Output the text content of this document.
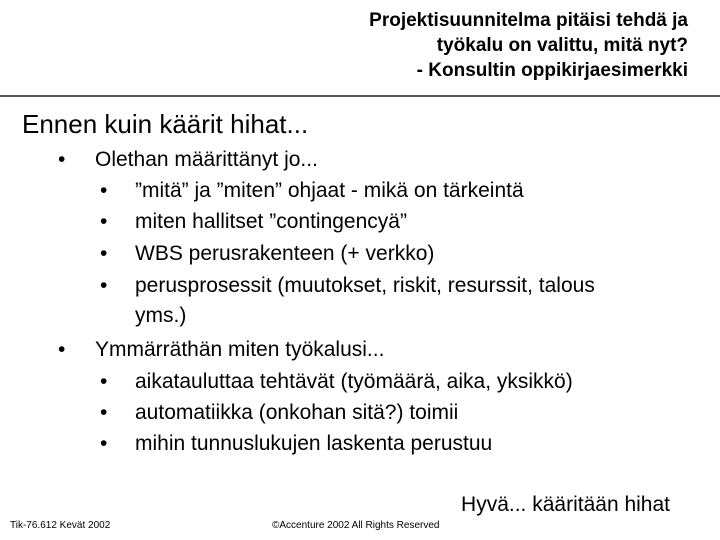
Projektisuunnitelma pitäisi tehdä ja
työkalu on valittu, mitä nyt?
- Konsultin oppikirjaesimerkki
Ennen kuin käärit hihat...
• Olethan määrittänyt jo...
• ”mitä” ja ”miten” ohjaat - mikä on tärkeintä
• miten hallitset ”contingencyä”
• WBS perusrakenteen (+ verkko)
• perusprosessit (muutokset, riskit, resurssit, talous
yms.)
• Ymmärräthän miten työkalusi...
• aikatauluttaa tehtävät (työmäärä, aika, yksikkö)
• automatiikka (onkohan sitä?) toimii
• mihin tunnuslukujen laskenta perustuu
Hyvä... kääritään hihat
Tik-76.612 Kevät 2002	©Accenture 2002 All Rights Reserved
